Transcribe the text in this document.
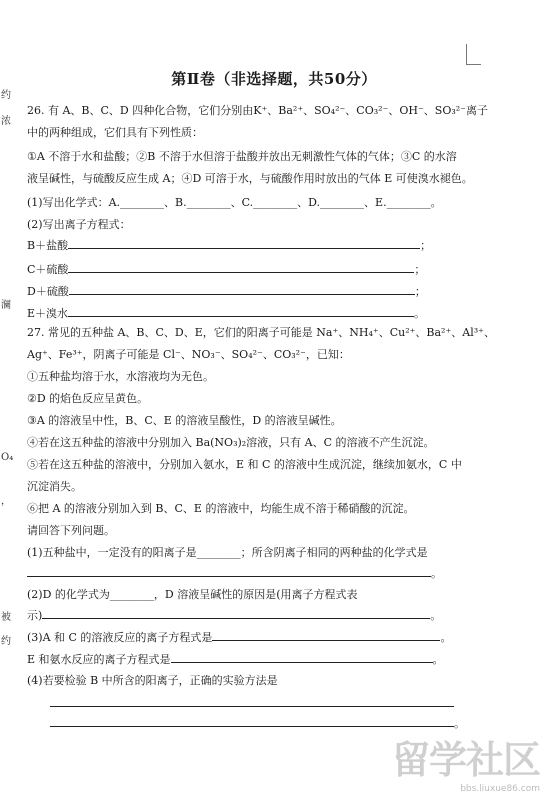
约
浓
澜
O₄
，
被
约
第Ⅱ卷（非选择题，共50分）
26. 有 A、B、C、D 四种化合物，它们分别由K⁺、Ba²⁺、SO₄²⁻、CO₃²⁻、OH⁻、SO₃²⁻离子
中的两种组成，它们具有下列性质：
①A 不溶于水和盐酸；②B 不溶于水但溶于盐酸并放出无刺激性气体的气体；③C 的水溶
液呈碱性，与硫酸反应生成 A；④D 可溶于水，与硫酸作用时放出的气体 E 可使溴水褪色。
(1)写出化学式：A.________、B.________、C.________、D.________、E.________。
(2)写出离子方程式：
B＋盐酸	；
C＋硫酸	；
D＋硫酸	；
E＋溴水	。
27. 常见的五种盐 A、B、C、D、E，它们的阳离子可能是 Na⁺、NH₄⁺、Cu²⁺、Ba²⁺、Al³⁺、
Ag⁺、Fe³⁺，阴离子可能是 Cl⁻、NO₃⁻、SO₄²⁻、CO₃²⁻，已知：
①五种盐均溶于水，水溶液均为无色。
②D 的焰色反应呈黄色。
③A 的溶液呈中性，B、C、E 的溶液呈酸性，D 的溶液呈碱性。
④若在这五种盐的溶液中分别加入 Ba(NO₃)₂溶液，只有 A、C 的溶液不产生沉淀。
⑤若在这五种盐的溶液中，分别加入氨水，E 和 C 的溶液中生成沉淀，继续加氨水，C 中
沉淀消失。
⑥把 A 的溶液分别加入到 B、C、E 的溶液中，均能生成不溶于稀硝酸的沉淀。
请回答下列问题。
(1)五种盐中，一定没有的阳离子是________；所含阴离子相同的两种盐的化学式是
。
(2)D 的化学式为________，D 溶液呈碱性的原因是(用离子方程式表
示)	。
(3)A 和 C 的溶液反应的离子方程式是	。
E 和氨水反应的离子方程式是	。
(4)若要检验 B 中所含的阳离子，正确的实验方法是
。
留学社区
bbs.liuxue86.com
